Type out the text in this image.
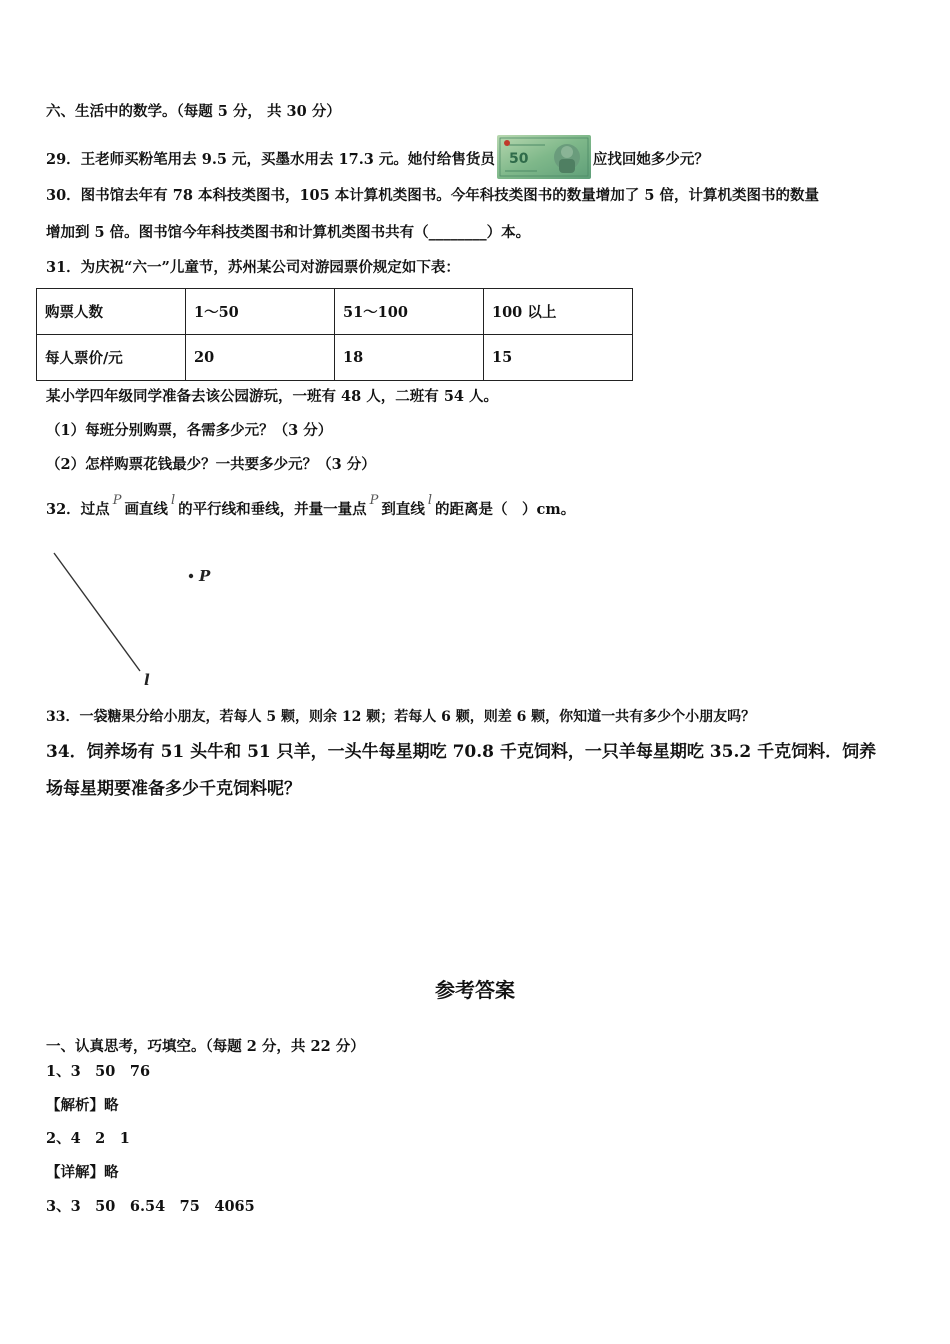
六、生活中的数学。（每题 5 分， 共 30 分）
29．王老师买粉笔用去 9.5 元，买墨水用去 17.3 元。她付给售货员 50	应找回她多少元？
30．图书馆去年有 78 本科技类图书，105 本计算机类图书。今年科技类图书的数量增加了 5 倍，计算机类图书的数量
增加到 5 倍。图书馆今年科技类图书和计算机类图书共有（________）本。
31．为庆祝“六一”儿童节，苏州某公司对游园票价规定如下表：
购票人数	1～50	51～100	100 以上
每人票价/元	20	18	15
某小学四年级同学准备去该公园游玩，一班有 48 人，二班有 54 人。
（1）每班分别购票，各需多少元？（3 分）
（2）怎样购票花钱最少？一共要多少元？（3 分）
32．过点P画直线l的平行线和垂线，并量一量点P到直线l的距离是（　）cm。
P
l
33．一袋糖果分给小朋友，若每人 5 颗，则余 12 颗；若每人 6 颗，则差 6 颗，你知道一共有多少个小朋友吗？
34．饲养场有 51 头牛和 51 只羊，一头牛每星期吃 70.8 千克饲料，一只羊每星期吃 35.2 千克饲料．饲养
场每星期要准备多少千克饲料呢？
参考答案
一、认真思考，巧填空。（每题 2 分，共 22 分）
1、3　50　76
【解析】略
2、4　2　1
【详解】略
3、3　50　6.54　75　4065
